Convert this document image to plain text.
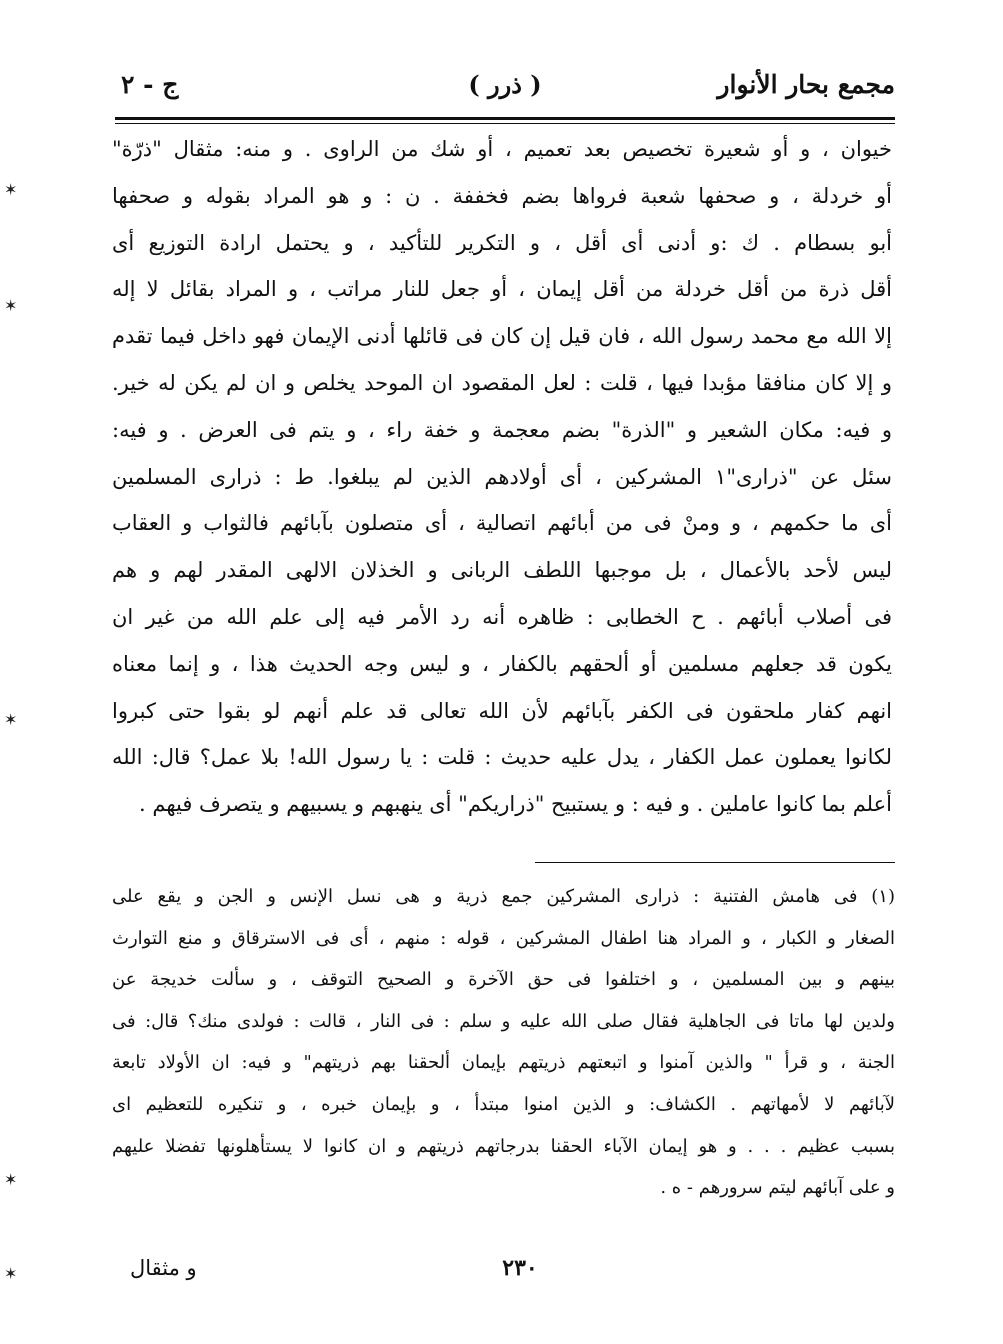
مجمع بحار الأنوار
( ذرر )
ج - ٢
خيوان ، و أو شعيرة تخصيص بعد تعميم ، أو شك من الراوى . و منه: مثقال "ذرّة"
أو خردلة ، و صحفها شعبة فرواها بضم فخففة . ن : و هو المراد بقوله و صحفها
أبو بسطام . ك :و أدنى أى أقل ، و التكرير للتأكيد ، و يحتمل ارادة التوزيع أى
أقل ذرة من أقل خردلة من أقل إيمان ، أو جعل للنار مراتب ، و المراد بقائل لا إله
إلا الله مع محمد رسول الله ، فان قيل إن كان فى قائلها أدنى الإيمان فهو داخل فيما تقدم
و إلا كان منافقا مؤبدا فيها ، قلت : لعل المقصود ان الموحد يخلص و ان لم يكن له خير.
و فيه: مكان الشعير و "الذرة" بضم معجمة و خفة راء ، و يتم فى العرض . و فيه:
سئل عن "ذرارى"١ المشركين ، أى أولادهم الذين لم يبلغوا. ط : ذرارى المسلمين
أى ما حكمهم ، و ومنْ فى من أبائهم اتصالية ، أى متصلون بآبائهم فالثواب و العقاب
ليس لأحد بالأعمال ، بل موجبها اللطف الربانى و الخذلان الالهى المقدر لهم و هم
فى أصلاب أبائهم . ح الخطابى : ظاهره أنه رد الأمر فيه إلى علم الله من غير ان
يكون قد جعلهم مسلمين أو ألحقهم بالكفار ، و ليس وجه الحديث هذا ، و إنما معناه
انهم كفار ملحقون فى الكفر بآبائهم لأن الله تعالى قد علم أنهم لو بقوا حتى كبروا
لكانوا يعملون عمل الكفار ، يدل عليه حديث : قلت : يا رسول الله! بلا عمل؟ قال: الله
أعلم بما كانوا عاملين . و فيه : و يستبيح "ذراريكم" أى ينهبهم و يسبيهم و يتصرف فيهم .
(١) فى هامش الفتنية : ذرارى المشركين جمع ذرية و هى نسل الإنس و الجن و يقع على
الصغار و الكبار ، و المراد هنا اطفال المشركين ، قوله : منهم ، أى فى الاسترقاق و منع التوارث
بينهم و بين المسلمين ، و اختلفوا فى حق الآخرة و الصحيح التوقف ، و سألت خديجة عن
ولدين لها ماتا فى الجاهلية فقال صلى الله عليه و سلم : فى النار ، قالت : فولدى منك؟ قال: فى
الجنة ، و قرأ " والذين آمنوا و اتبعتهم ذريتهم بإيمان ألحقنا بهم ذريتهم" و فيه: ان الأولاد تابعة
لآبائهم لا لأمهاتهم . الكشاف: و الذين امنوا مبتدأ ، و بإيمان خبره ، و تنكيره للتعظيم اى
بسبب عظيم . . . و هو إيمان الآباء الحقنا بدرجاتهم ذريتهم و ان كانوا لا يستأهلونها تفضلا عليهم
و على آبائهم ليتم سرورهم - ه .
٢٣٠
و مثقال
✶
✶
✶
✶
✶
